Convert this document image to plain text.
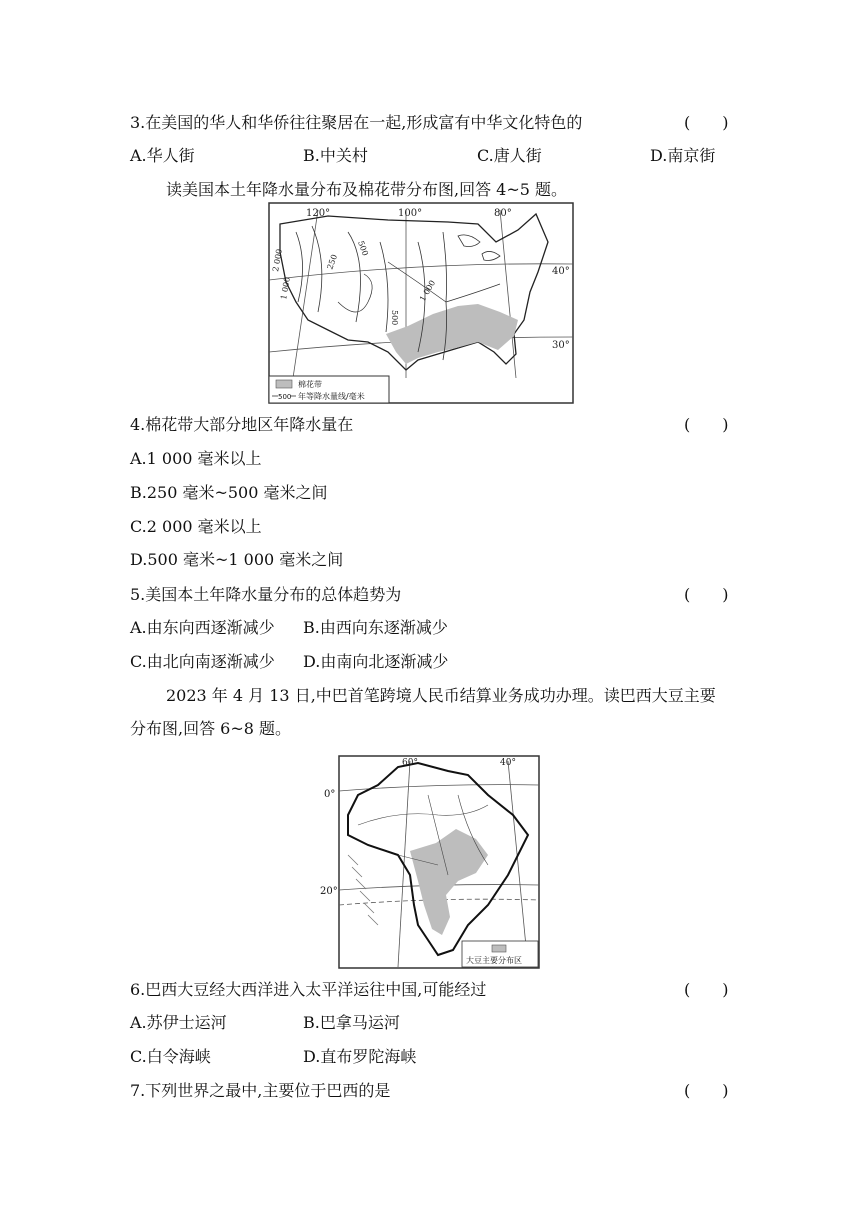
3.在美国的华人和华侨往往聚居在一起,形成富有中华文化特色的	(　　)
A.华人街	B.中关村	C.唐人街	D.南京街
读美国本土年降水量分布及棉花带分布图,回答 4~5 题。
120°	100°	80°
40°
30°
1 000
2 000	250
500
500
1 000
棉花带
500 年等降水量线/毫米
4.棉花带大部分地区年降水量在	(　　)
A.1 000 毫米以上
B.250 毫米~500 毫米之间
C.2 000 毫米以上
D.500 毫米~1 000 毫米之间
5.美国本土年降水量分布的总体趋势为	(　　)
A.由东向西逐渐减少 B.由西向东逐渐减少
C.由北向南逐渐减少 D.由南向北逐渐减少
2023 年 4 月 13 日,中巴首笔跨境人民币结算业务成功办理。读巴西大豆主要
分布图,回答 6~8 题。
60°	40°
大豆主要分布区
0°
20°
6.巴西大豆经大西洋进入太平洋运往中国,可能经过	(　　)
A.苏伊士运河	B.巴拿马运河
C.白令海峡	D.直布罗陀海峡
7.下列世界之最中,主要位于巴西的是	(　　)
